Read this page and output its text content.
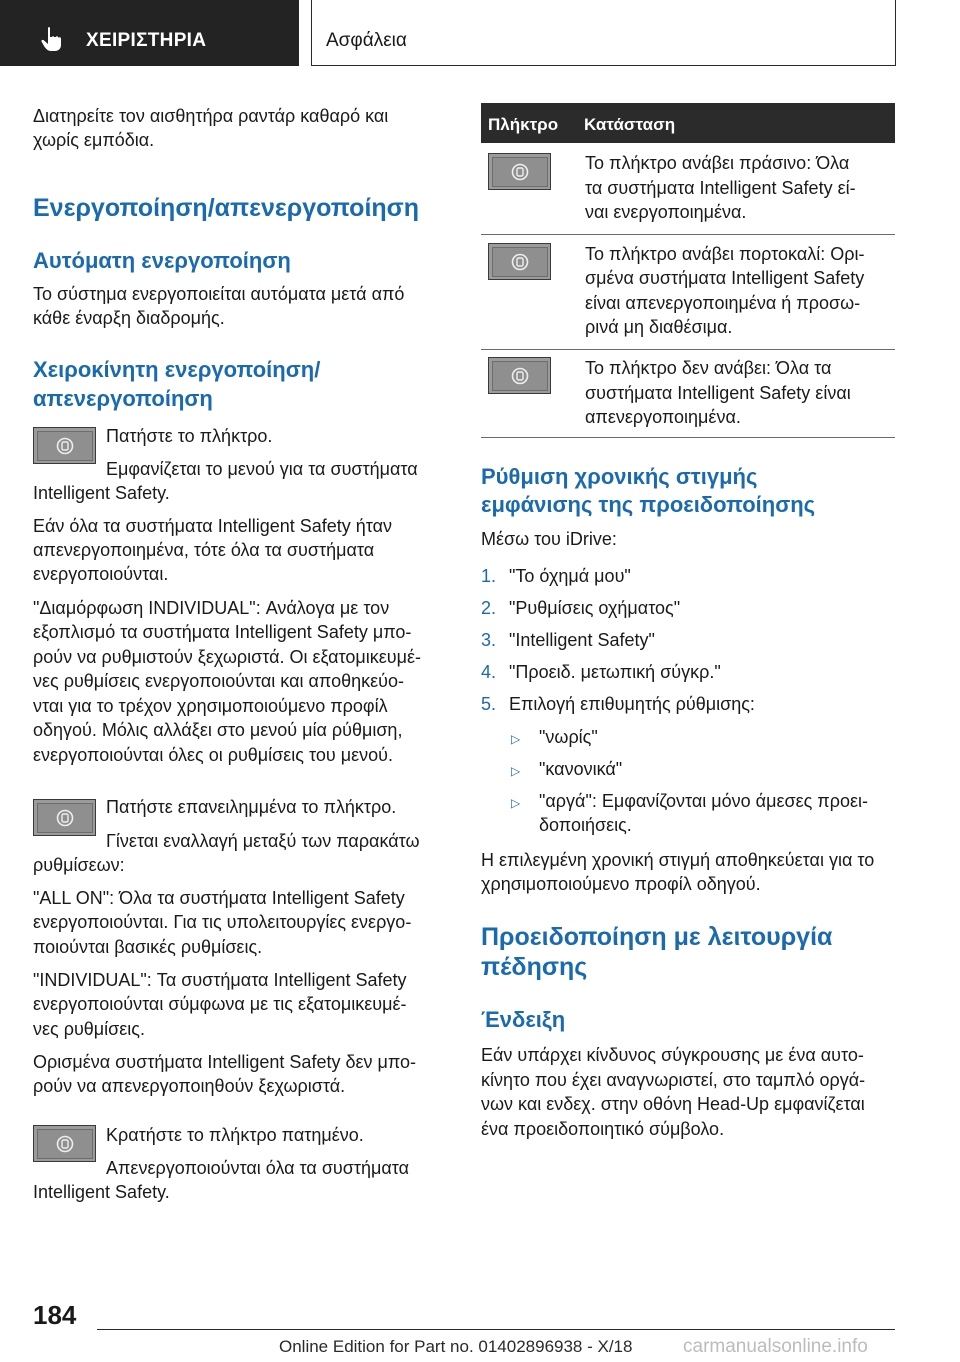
ΧΕΙΡΙΣΤΗΡΙΑ	Ασφάλεια
Διατηρείτε τον αισθητήρα ραντάρ καθαρό και
χωρίς εμπόδια.
Ενεργοποίηση/απενεργοποίηση
Αυτόματη ενεργοποίηση
Το σύστημα ενεργοποιείται αυτόματα μετά από
κάθε έναρξη διαδρομής.
Χειροκίνητη ενεργοποίηση/
απενεργοποίηση
Πατήστε το πλήκτρο.
Εμφανίζεται το μενού για τα συστήματα
Intelligent Safety.
Εάν όλα τα συστήματα Intelligent Safety ήταν
απενεργοποιημένα, τότε όλα τα συστήματα
ενεργοποιούνται.
"Διαμόρφωση INDIVIDUAL": Ανάλογα με τον
εξοπλισμό τα συστήματα Intelligent Safety μπο-
ρούν να ρυθμιστούν ξεχωριστά. Οι εξατομικευμέ-
νες ρυθμίσεις ενεργοποιούνται και αποθηκεύο-
νται για το τρέχον χρησιμοποιούμενο προφίλ
οδηγού. Μόλις αλλάξει στο μενού μία ρύθμιση,
ενεργοποιούνται όλες οι ρυθμίσεις του μενού.
Πατήστε επανειλημμένα το πλήκτρο.
Γίνεται εναλλαγή μεταξύ των παρακάτω
ρυθμίσεων:
"ALL ON": Όλα τα συστήματα Intelligent Safety
ενεργοποιούνται. Για τις υπολειτουργίες ενεργο-
ποιούνται βασικές ρυθμίσεις.
"INDIVIDUAL": Τα συστήματα Intelligent Safety
ενεργοποιούνται σύμφωνα με τις εξατομικευμέ-
νες ρυθμίσεις.
Ορισμένα συστήματα Intelligent Safety δεν μπο-
ρούν να απενεργοποιηθούν ξεχωριστά.
Κρατήστε το πλήκτρο πατημένο.
Απενεργοποιούνται όλα τα συστήματα
Intelligent Safety.
Πλήκτρο Κατάσταση
Το πλήκτρο ανάβει πράσινο: Όλα
τα συστήματα Intelligent Safety εί-
ναι ενεργοποιημένα.
Το πλήκτρο ανάβει πορτοκαλί: Ορι-
σμένα συστήματα Intelligent Safety
είναι απενεργοποιημένα ή προσω-
ρινά μη διαθέσιμα.
Το πλήκτρο δεν ανάβει: Όλα τα
συστήματα Intelligent Safety είναι
απενεργοποιημένα.
Ρύθμιση χρονικής στιγμής
εμφάνισης της προειδοποίησης
Μέσω του iDrive:
1. "Το όχημά μου"
2. "Ρυθμίσεις οχήματος"
3. "Intelligent Safety"
4. "Προειδ. μετωπική σύγκρ."
5. Επιλογή επιθυμητής ρύθμισης:
▷ "νωρίς"
▷ "κανονικά"
▷ "αργά": Εμφανίζονται μόνο άμεσες προει-
δοποιήσεις.
Η επιλεγμένη χρονική στιγμή αποθηκεύεται για το
χρησιμοποιούμενο προφίλ οδηγού.
Προειδοποίηση με λειτουργία
πέδησης
Ένδειξη
Εάν υπάρχει κίνδυνος σύγκρουσης με ένα αυτο-
κίνητο που έχει αναγνωριστεί, στο ταμπλό οργά-
νων και ενδεχ. στην οθόνη Head-Up εμφανίζεται
ένα προειδοποιητικό σύμβολο.
184
Online Edition for Part no. 01402896938 - X/18	carmanualsonline.info
